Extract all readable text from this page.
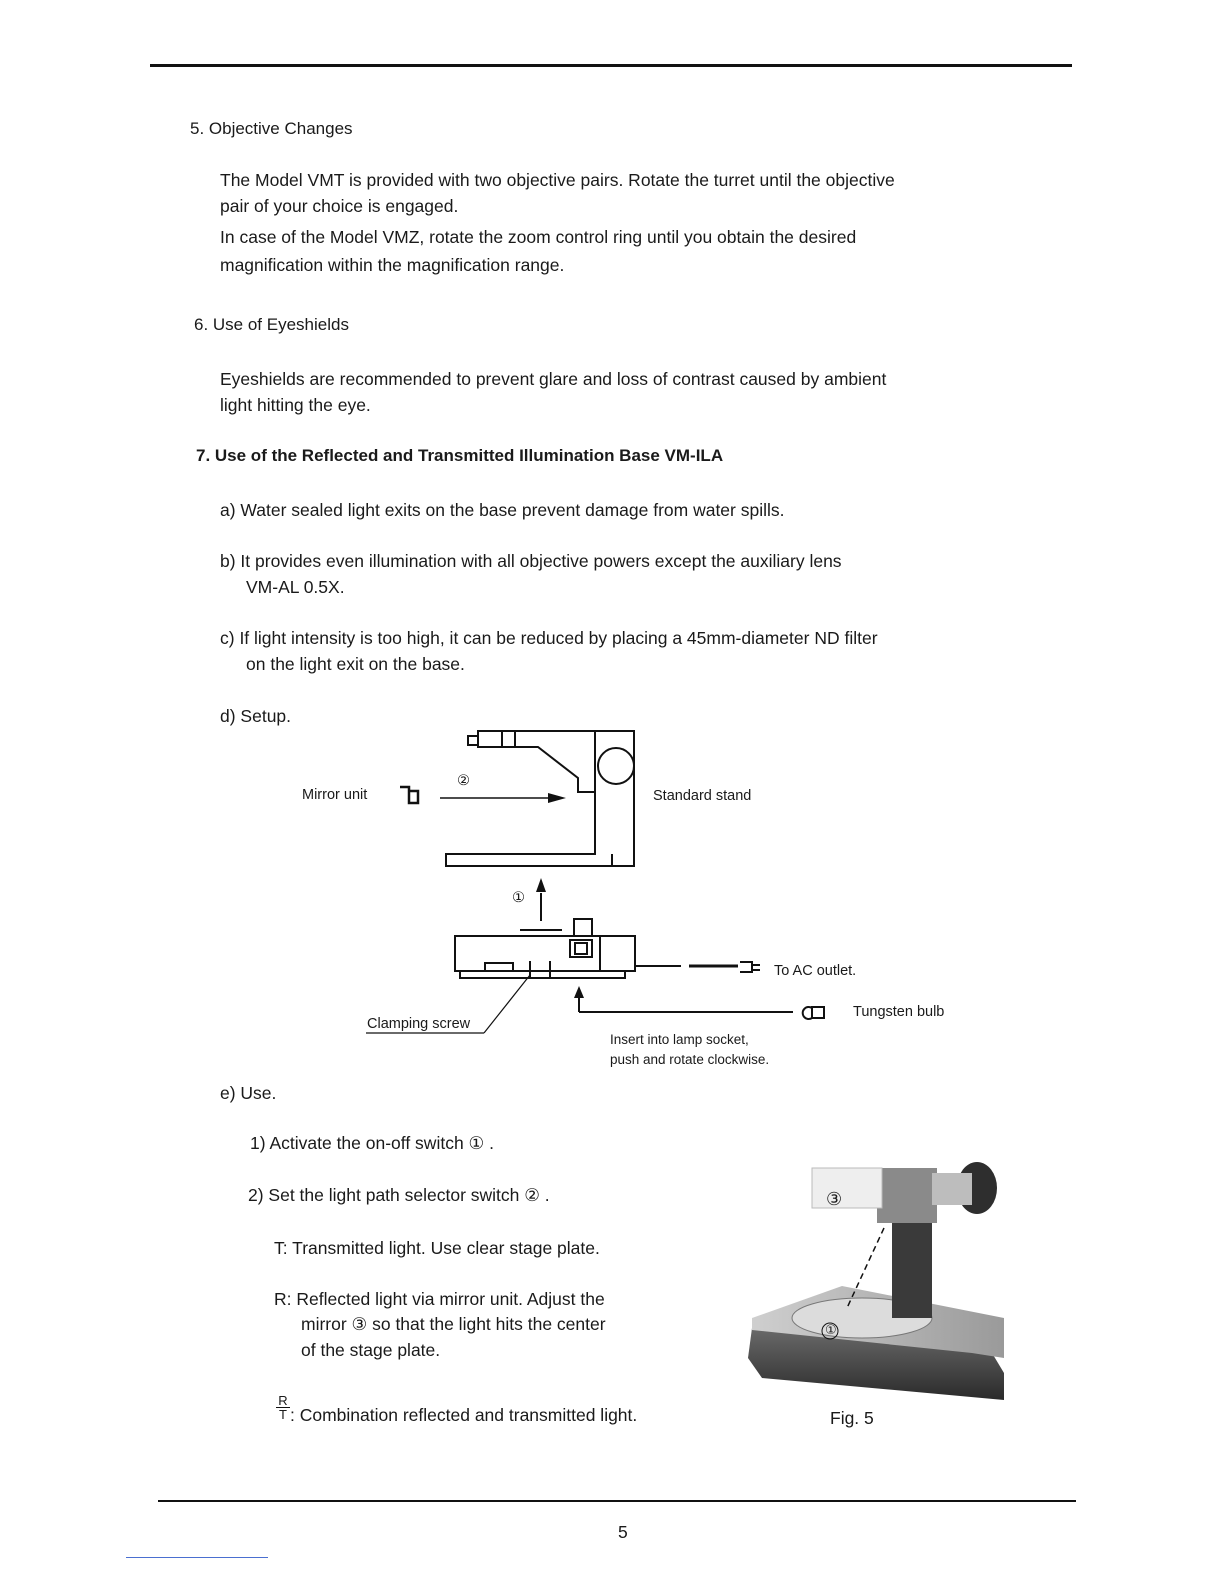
5. Objective Changes
The Model VMT is provided with two objective pairs. Rotate the turret until the objective
pair of your choice is engaged.
In case of the Model VMZ, rotate the zoom control ring until you obtain the desired
magnification within the magnification range.
6. Use of Eyeshields
Eyeshields are recommended to prevent glare and loss of contrast caused by ambient
light hitting the eye.
7. Use of the Reflected and Transmitted Illumination Base VM-ILA
a) Water sealed light exits on the base prevent damage from water spills.
b) It provides even illumination with all objective powers except the auxiliary lens
VM-AL 0.5X.
c) If light intensity is too high, it can be reduced by placing a 45mm-diameter ND filter
on the light exit on the base.
d) Setup.
Mirror unit
②
Standard stand
①
To AC outlet.
Tungsten bulb
Clamping screw
Insert into lamp socket,
push and rotate clockwise.
e) Use.
1) Activate the on-off switch ① .
2) Set the light path selector switch ② .
T: Transmitted light. Use clear stage plate.
R: Reflected light via mirror unit. Adjust the
mirror ③ so that the light hits the center
of the stage plate.
R
T : Combination reflected and transmitted light.
③
①
Fig. 5
5
